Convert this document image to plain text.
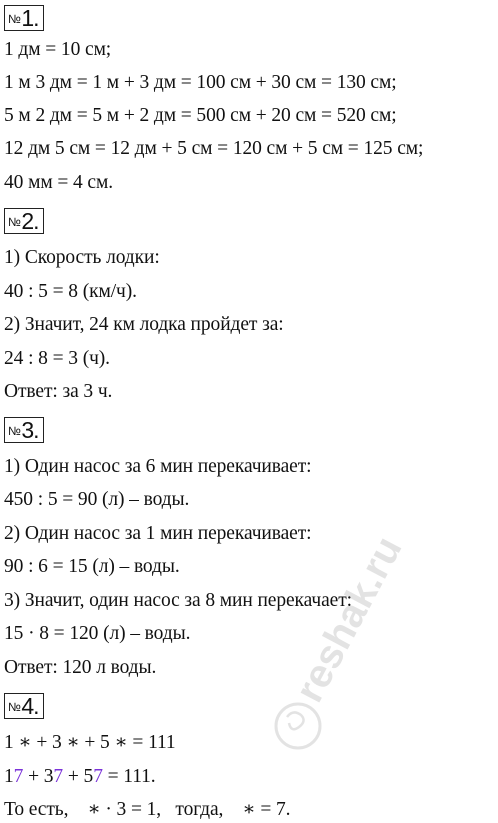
№ 1.
1 дм = 10 см;
1 м 3 дм = 1 м + 3 дм = 100 см + 30 см = 130 см;
5 м 2 дм = 5 м + 2 дм = 500 см + 20 см = 520 см;
12 дм 5 см = 12 дм + 5 см = 120 см + 5 см = 125 см;
40 мм = 4 см.
№ 2.
1) Скорость лодки:
40 : 5 = 8 (км/ч).
2) Значит, 24 км лодка пройдет за:
24 : 8 = 3 (ч).
Ответ: за 3 ч.
№ 3.
1) Один насос за 6 мин перекачивает:
450 : 5 = 90 (л) – воды.
2) Один насос за 1 мин перекачивает:
90 : 6 = 15 (л) – воды.
3) Значит, один насос за 8 мин перекачает:
15 · 8 = 120 (л) – воды.
Ответ: 120 л воды.
№ 4.
1 ∗ + 3 ∗ + 5 ∗ = 111
17 + 37 + 57 = 111.
То есть,    ∗ · 3 = 1,   тогда,    ∗ = 7.
reshak.ru
